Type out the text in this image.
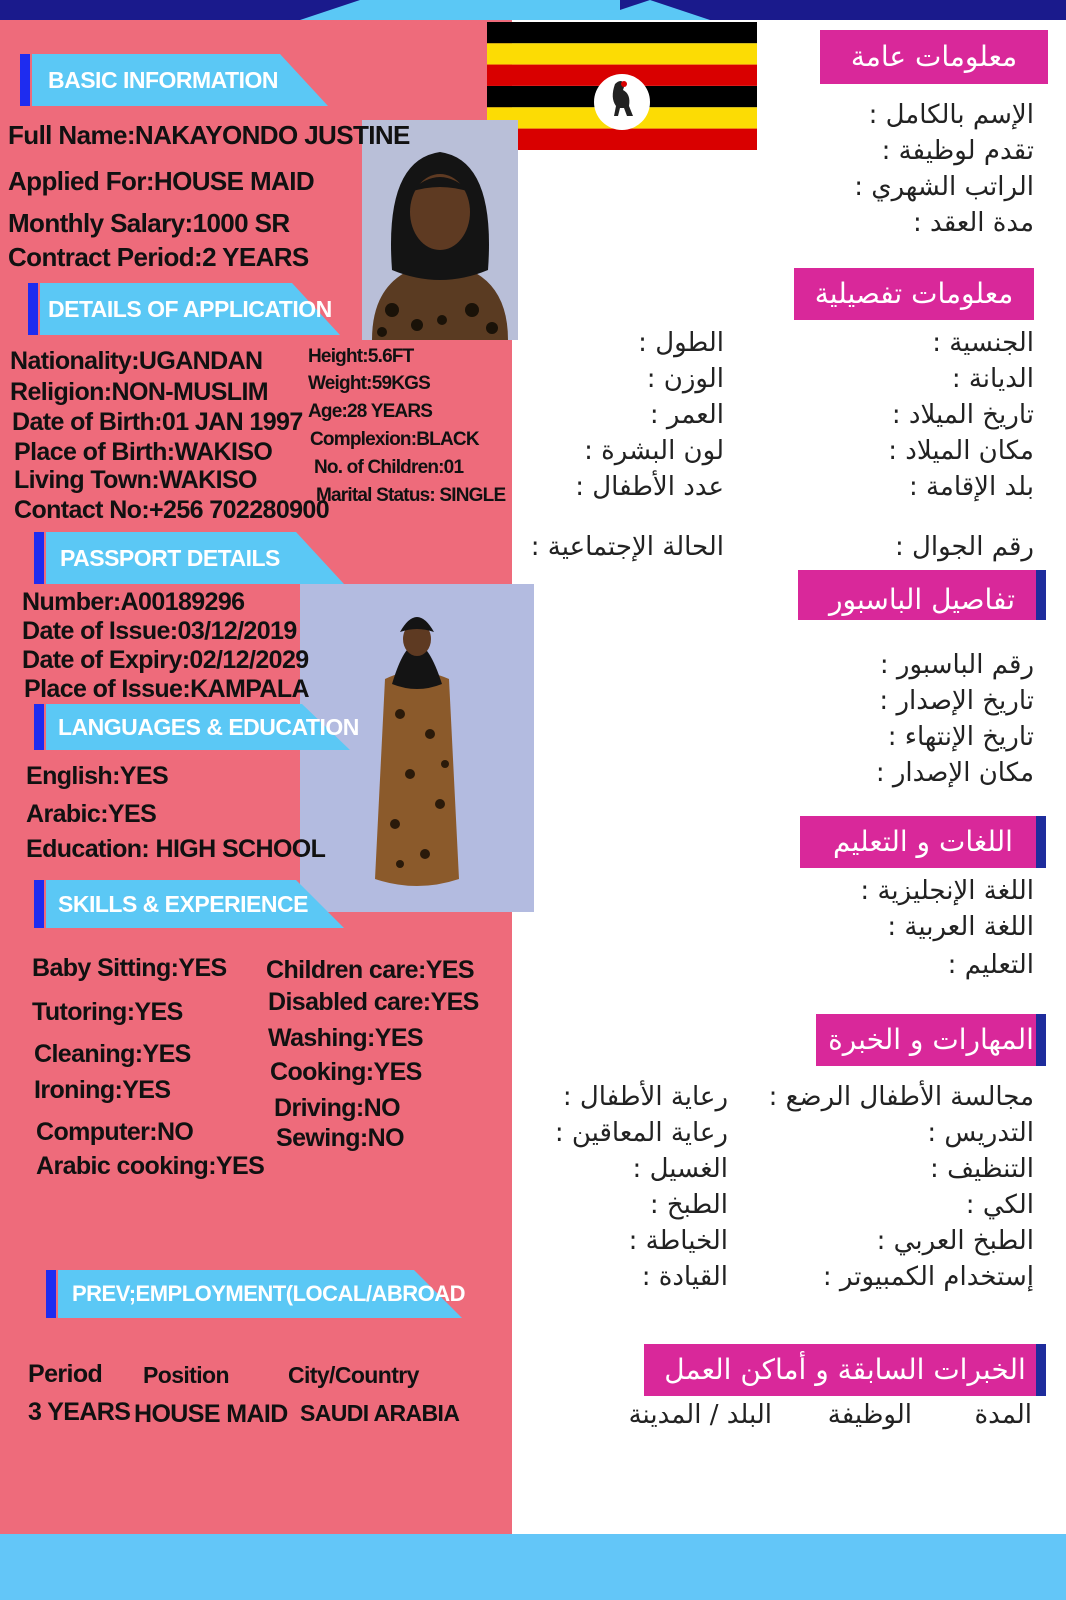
BASIC INFORMATION
Full Name:NAKAYONDO JUSTINE
Applied For:HOUSE MAID
Monthly Salary:1000 SR
Contract Period:2 YEARS
DETAILS OF APPLICATION
Nationality:UGANDAN
Religion:NON-MUSLIM
Date of Birth:01 JAN 1997
Place of Birth:WAKISO
Living Town:WAKISO
Contact No:+256 702280900
Height:5.6FT
Weight:59KGS
Age:28 YEARS
Complexion:BLACK
No. of Children:01
Marital Status: SINGLE
PASSPORT DETAILS
Number:A00189296
Date of Issue:03/12/2019
Date of Expiry:02/12/2029
Place of Issue:KAMPALA
LANGUAGES & EDUCATION
English:YES
Arabic:YES
Education: HIGH SCHOOL
SKILLS & EXPERIENCE
Baby Sitting:YES
Tutoring:YES
Cleaning:YES
Ironing:YES
Computer:NO
Arabic cooking:YES
Children care:YES
Disabled care:YES
Washing:YES
Cooking:YES
Driving:NO
Sewing:NO
PREV;EMPLOYMENT(LOCAL/ABROAD
Period Position	City/Country
3 YEARS HOUSE MAID SAUDI ARABIA
معلومات عامة
الإسم بالكامل :
تقدم لوظيفة :
الراتب الشهري :
مدة العقد :
معلومات تفصيلية
الجنسية :
الديانة :
تاريخ الميلاد :
مكان الميلاد :
بلد الإقامة :
رقم الجوال :
الطول :
الوزن :
العمر :
لون البشرة :
عدد الأطفال :
الحالة الإجتماعية :
تفاصيل الباسبور
رقم الباسبور :
تاريخ الإصدار :
تاريخ الإنتهاء :
مكان الإصدار :
اللغات و التعليم
اللغة الإنجليزية :
اللغة العربية :
التعليم :
المهارات و الخبرة
مجالسة الأطفال الرضع :
التدريس :
التنظيف :
الكي :
الطبخ العربي :
إستخدام الكمبيوتر :
رعاية الأطفال :
رعاية المعاقين :
الغسيل :
الطبخ :
الخياطة :
القيادة :
الخبرات السابقة و أماكن العمل
المدة
الوظيفة
البلد / المدينة
